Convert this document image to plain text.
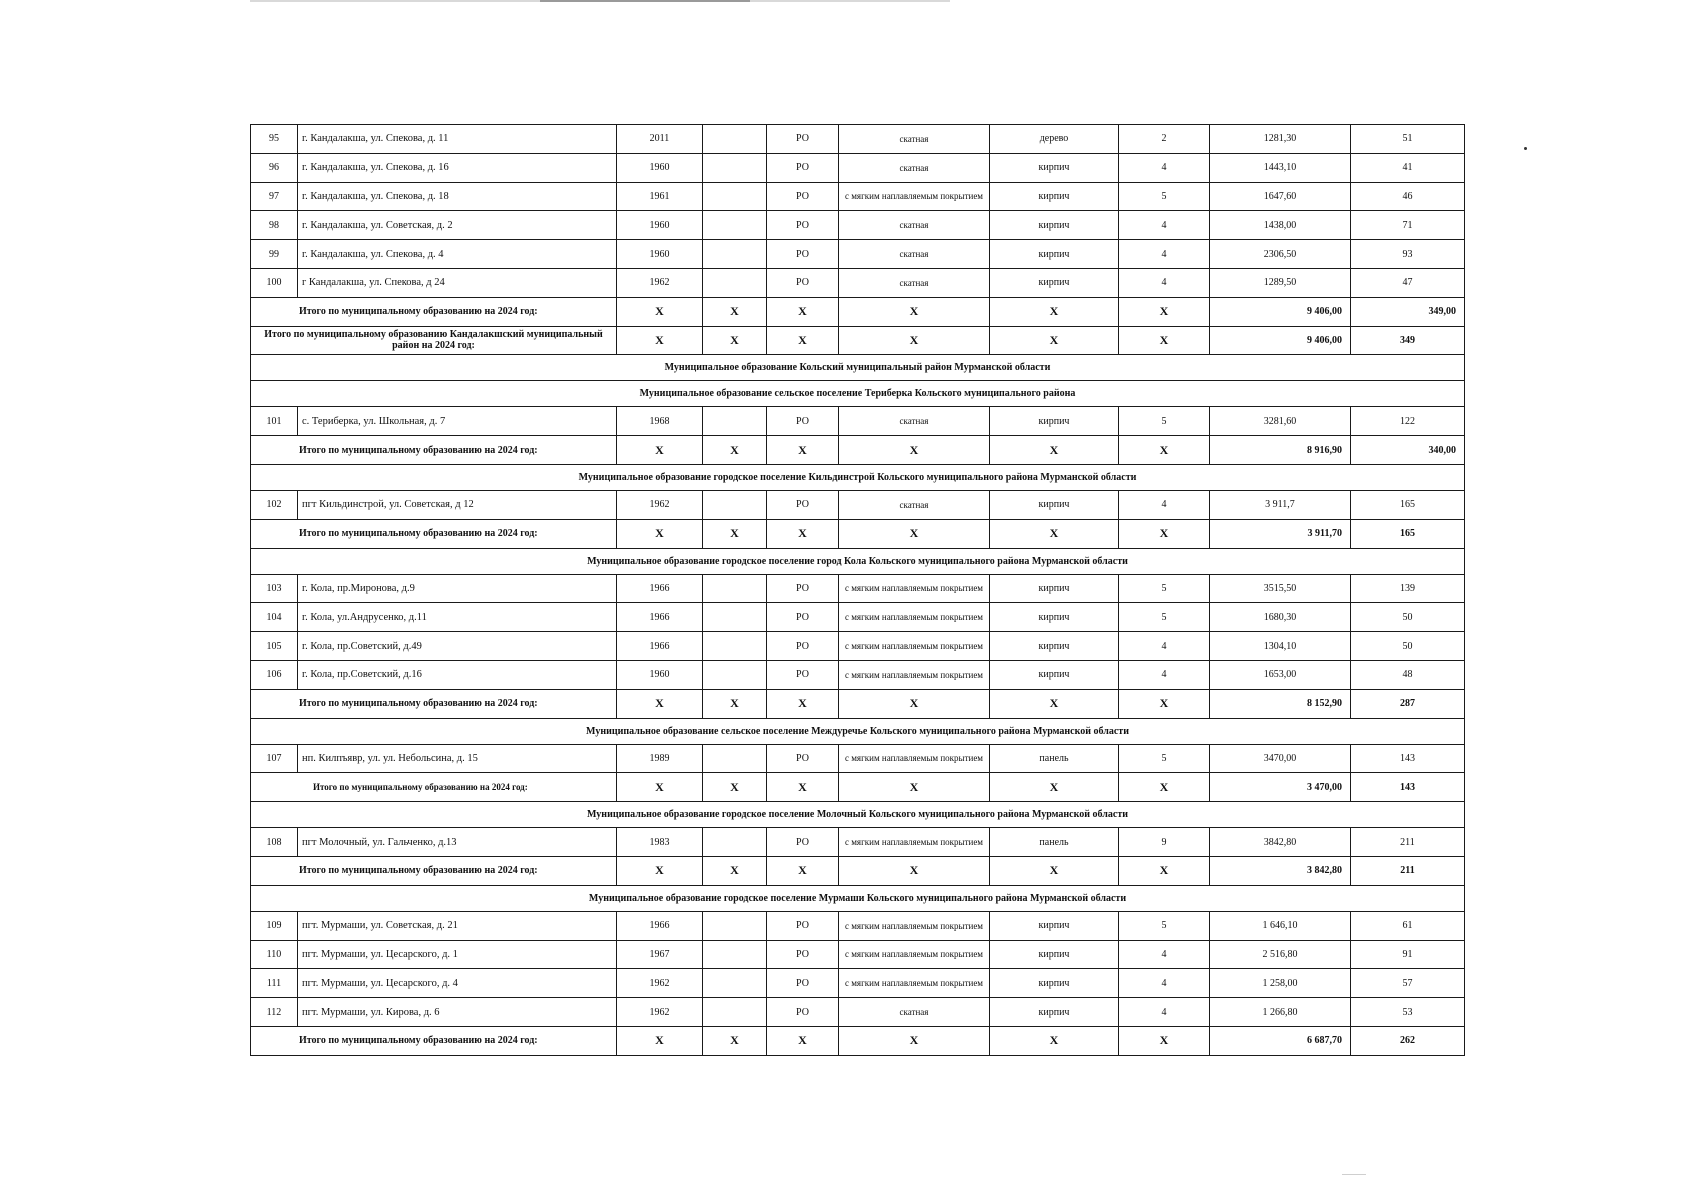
95	г. Кандалакша, ул. Спекова, д. 11	2011		РО	скатная	дерево	2	1281,30	51
96	г. Кандалакша, ул. Спекова, д. 16	1960		РО	скатная	кирпич	4	1443,10	41
97	г. Кандалакша, ул. Спекова, д. 18	1961		РО	с мягким наплавляемым покрытием	кирпич	5	1647,60	46
98	г. Кандалакша, ул. Советская, д. 2	1960		РО	скатная	кирпич	4	1438,00	71
99	г. Кандалакша, ул. Спекова, д. 4	1960		РО	скатная	кирпич	4	2306,50	93
100	г Кандалакша, ул. Спекова, д 24	1962		РО	скатная	кирпич	4	1289,50	47
Итого по муниципальному образованию на 2024 год:		X	X	X	X	X	X	9 406,00	349,00
Итого по муниципальному образованию Кандалакшский муниципальный район на 2024 год:		X	X	X	X	X	X	9 406,00	349
Муниципальное образование Кольский муниципальный район Мурманской области									
Муниципальное образование сельское поселение Териберка Кольского муниципального района									
101	с. Териберка, ул. Школьная, д. 7	1968		РО	скатная	кирпич	5	3281,60	122
Итого по муниципальному образованию на 2024 год:		X	X	X	X	X	X	8 916,90	340,00
Муниципальное образование городское поселение Кильдинстрой Кольского муниципального района Мурманской области									
102	пгт Кильдинстрой, ул. Советская, д 12	1962		РО	скатная	кирпич	4	3 911,7	165
Итого по муниципальному образованию на 2024 год:		X	X	X	X	X	X	3 911,70	165
Муниципальное образование городское поселение город Кола Кольского муниципального района Мурманской области									
103	г. Кола, пр.Миронова, д.9	1966		РО	с мягким наплавляемым покрытием	кирпич	5	3515,50	139
104	г. Кола, ул.Андрусенко, д.11	1966		РО	с мягким наплавляемым покрытием	кирпич	5	1680,30	50
105	г. Кола, пр.Советский, д.49	1966		РО	с мягким наплавляемым покрытием	кирпич	4	1304,10	50
106	г. Кола, пр.Советский, д.16	1960		РО	с мягким наплавляемым покрытием	кирпич	4	1653,00	48
Итого по муниципальному образованию на 2024 год:		X	X	X	X	X	X	8 152,90	287
Муниципальное образование сельское поселение Междуречье Кольского муниципального района Мурманской области									
107	нп. Килпъявр, ул. ул. Небольсина, д. 15	1989		РО	с мягким наплавляемым покрытием	панель	5	3470,00	143
Итого по муниципальному образованию на 2024 год:		X	X	X	X	X	X	3 470,00	143
Муниципальное образование городское поселение Молочный Кольского муниципального района Мурманской области									
108	пгт Молочный, ул. Гальченко, д.13	1983		РО	с мягким наплавляемым покрытием	панель	9	3842,80	211
Итого по муниципальному образованию на 2024 год:		X	X	X	X	X	X	3 842,80	211
Муниципальное образование городское поселение Мурмаши Кольского муниципального района Мурманской области									
109	пгт. Мурмаши, ул. Советская, д. 21	1966		РО	с мягким наплавляемым покрытием	кирпич	5	1 646,10	61
110	пгт. Мурмаши, ул. Цесарского, д. 1	1967		РО	с мягким наплавляемым покрытием	кирпич	4	2 516,80	91
111	пгт. Мурмаши, ул. Цесарского, д. 4	1962		РО	с мягким наплавляемым покрытием	кирпич	4	1 258,00	57
112	пгт. Мурмаши, ул. Кирова, д. 6	1962		РО	скатная	кирпич	4	1 266,80	53
Итого по муниципальному образованию на 2024 год:		X	X	X	X	X	X	6 687,70	262
